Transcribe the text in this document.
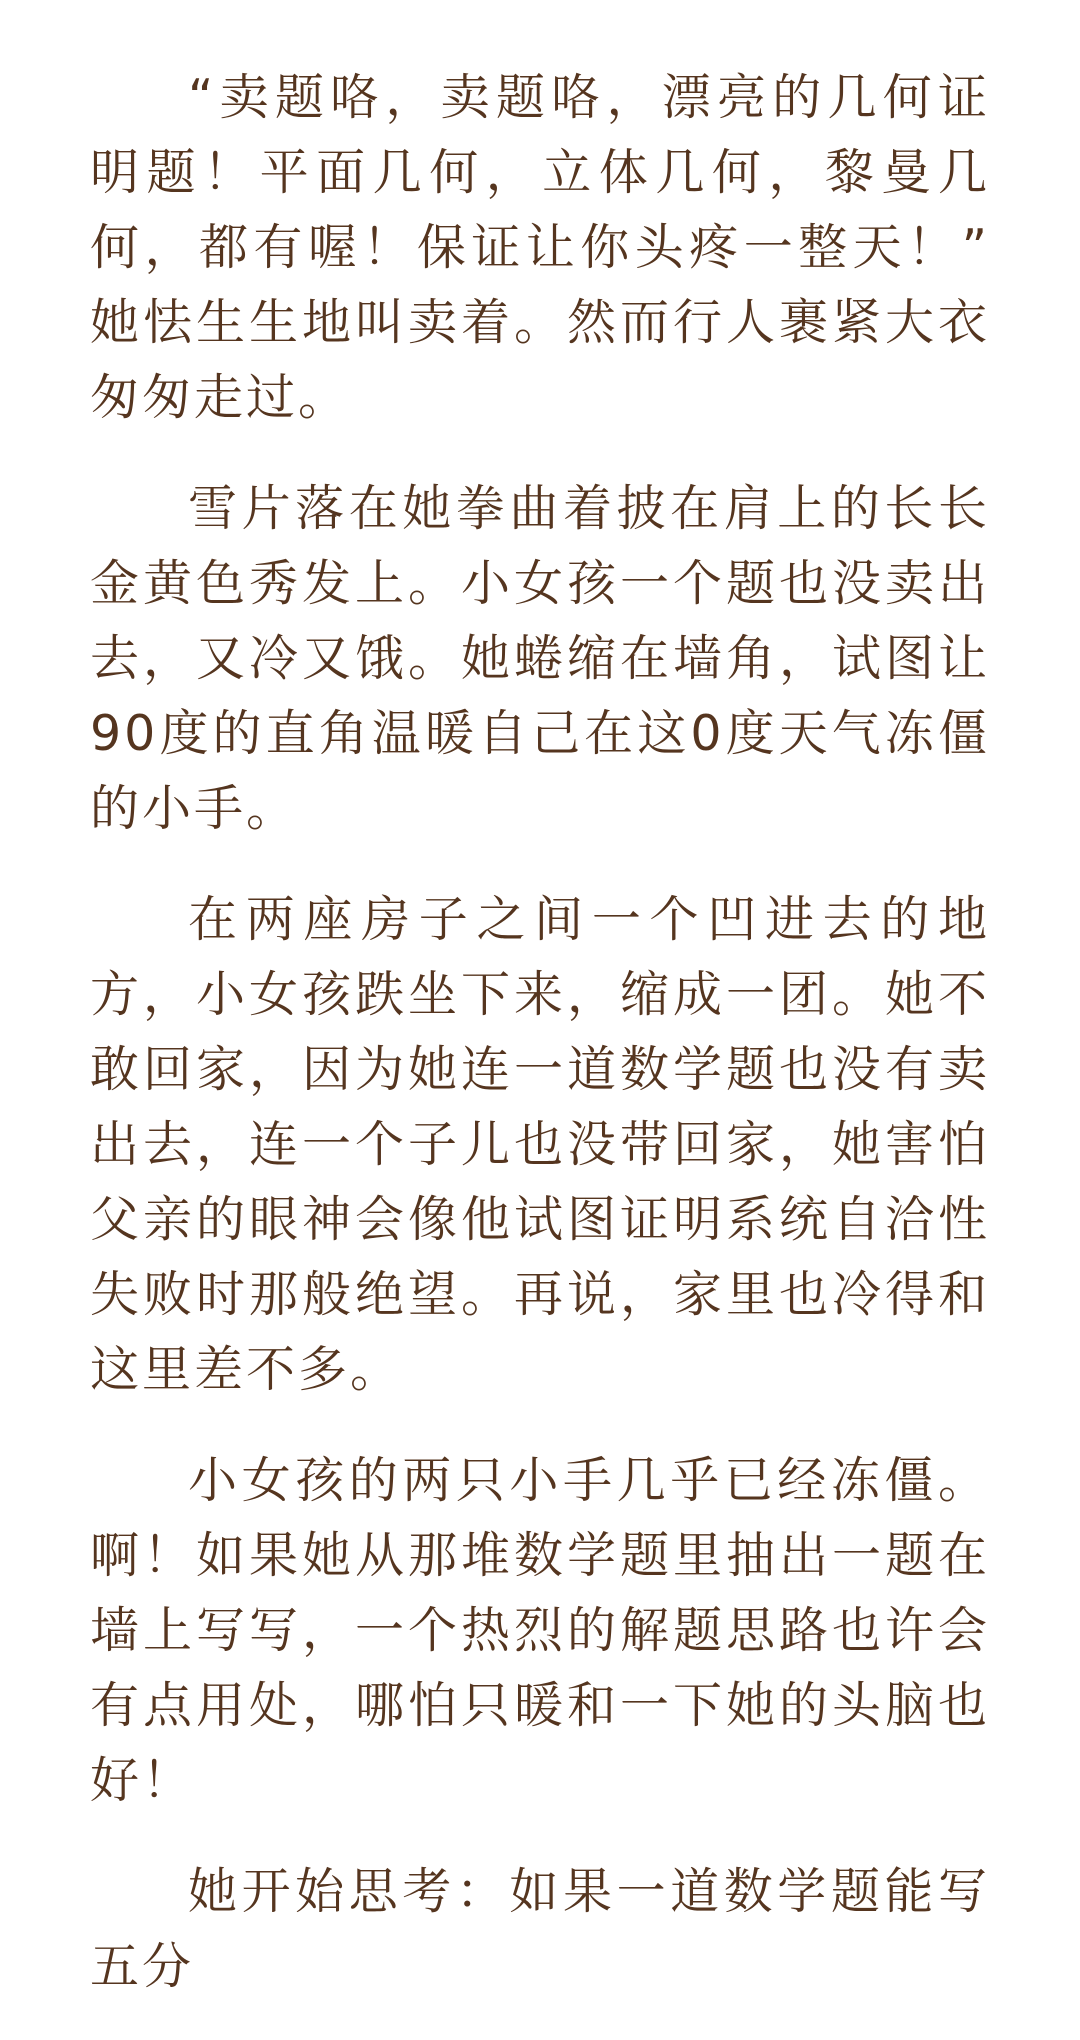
“卖题咯，卖题咯，漂亮的几何证明题！平面几何，立体几何，黎曼几何，都有喔！保证让你头疼一整天！” 她怯生生地叫卖着。然而行人裹紧大衣匆匆走过。

雪片落在她拳曲着披在肩上的长长金黄色秀发上。小女孩一个题也没卖出去，又冷又饿。她蜷缩在墙角，试图让90度的直角温暖自己在这0度天气冻僵的小手。

在两座房子之间一个凹进去的地方，小女孩跌坐下来，缩成一团。她不敢回家，因为她连一道数学题也没有卖出去，连一个子儿也没带回家，她害怕父亲的眼神会像他试图证明系统自洽性失败时那般绝望。再说，家里也冷得和这里差不多。

小女孩的两只小手几乎已经冻僵。啊！如果她从那堆数学题里抽出一题在墙上写写，一个热烈的解题思路也许会有点用处，哪怕只暖和一下她的头脑也好！

她开始思考：如果一道数学题能写五分
